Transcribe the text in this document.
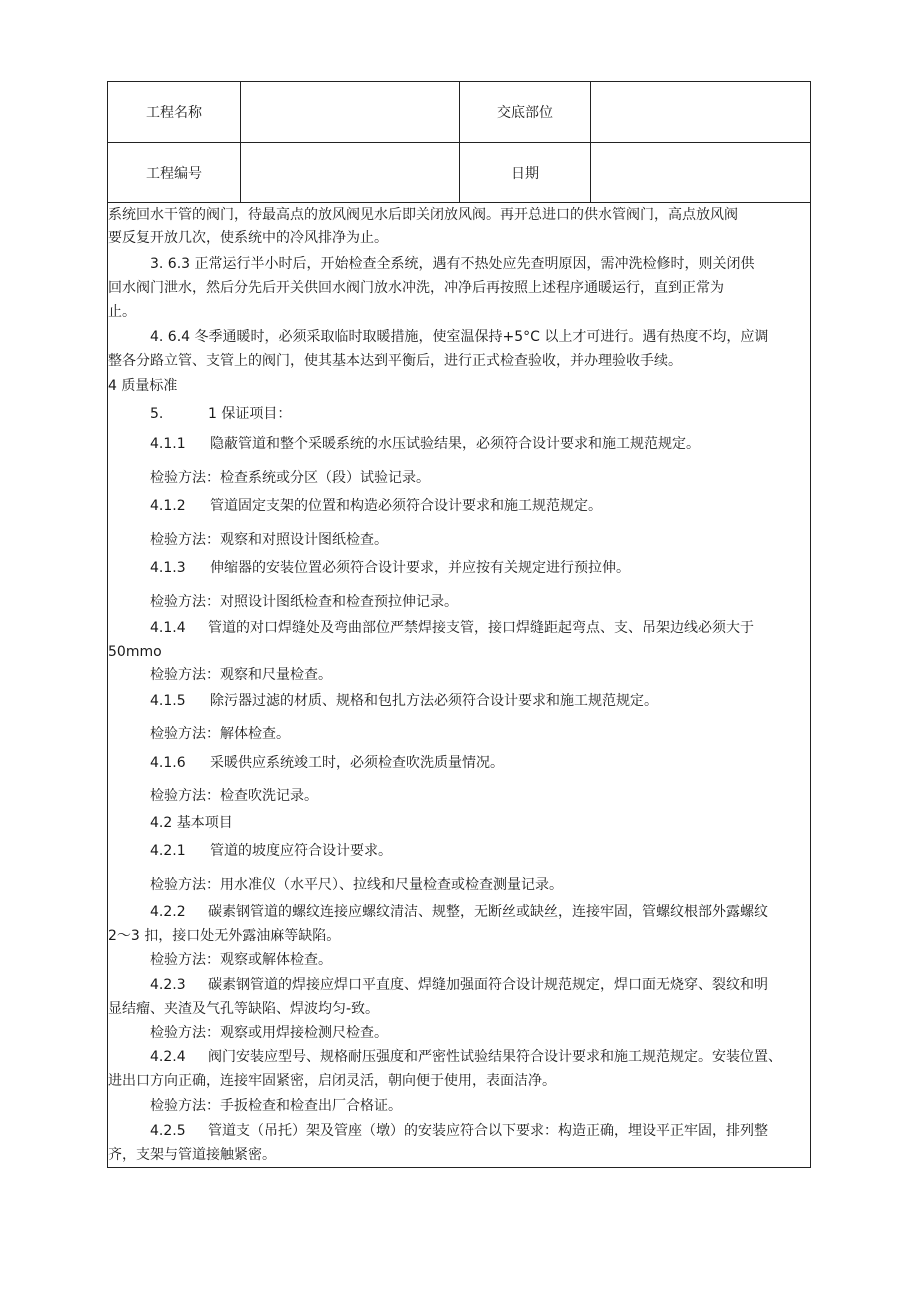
工程名称	交底部位
工程编号	日期
系统回水干管的阀门，待最高点的放风阀见水后即关闭放风阀。再开总进口的供水管阀门，高点放风阀
要反复开放几次，使系统中的冷风排净为止。
3. 6.3 正常运行半小时后，开始检查全系统，遇有不热处应先查明原因，需冲洗检修时，则关闭供
回水阀门泄水，然后分先后开关供回水阀门放水冲洗，冲净后再按照上述程序通暖运行，直到正常为
止。
4. 6.4 冬季通暖时，必须采取临时取暖措施，使室温保持+5°C 以上才可进行。遇有热度不均，应调
整各分路立管、支管上的阀门，使其基本达到平衡后，进行正式检查验收，并办理验收手续。
4 质量标准
5.	1 保证项目：
4.1.1 隐蔽管道和整个采暖系统的水压试验结果，必须符合设计要求和施工规范规定。
检验方法：检查系统或分区（段）试验记录。
4.1.2 管道固定支架的位置和构造必须符合设计要求和施工规范规定。
检验方法：观察和对照设计图纸检查。
4.1.3 伸缩器的安装位置必须符合设计要求，并应按有关规定进行预拉伸。
检验方法：对照设计图纸检查和检查预拉伸记录。
4.1.4 管道的对口焊缝处及弯曲部位严禁焊接支管，接口焊缝距起弯点、支、吊架边线必须大于
50mmo
检验方法：观察和尺量检查。
4.1.5 除污器过滤的材质、规格和包扎方法必须符合设计要求和施工规范规定。
检验方法：解体检查。
4.1.6 采暖供应系统竣工时，必须检查吹洗质量情况。
检验方法：检查吹洗记录。
4.2 基本项目
4.2.1 管道的坡度应符合设计要求。
检验方法：用水准仪（水平尺）、拉线和尺量检查或检查测量记录。
4.2.2 碳素钢管道的螺纹连接应螺纹清洁、规整，无断丝或缺丝，连接牢固，管螺纹根部外露螺纹
2～3 扣，接口处无外露油麻等缺陷。
检验方法：观察或解体检查。
4.2.3 碳素钢管道的焊接应焊口平直度、焊缝加强面符合设计规范规定，焊口面无烧穿、裂纹和明
显结瘤、夹渣及气孔等缺陷、焊波均匀-致。
检验方法：观察或用焊接检测尺检查。
4.2.4 阀门安装应型号、规格耐压强度和严密性试验结果符合设计要求和施工规范规定。安装位置、
进出口方向正确，连接牢固紧密，启闭灵活，朝向便于使用，表面洁净。
检验方法：手扳检查和检查出厂合格证。
4.2.5 管道支（吊托）架及管座（墩）的安装应符合以下要求：构造正确，埋设平正牢固，排列整
齐，支架与管道接触紧密。
